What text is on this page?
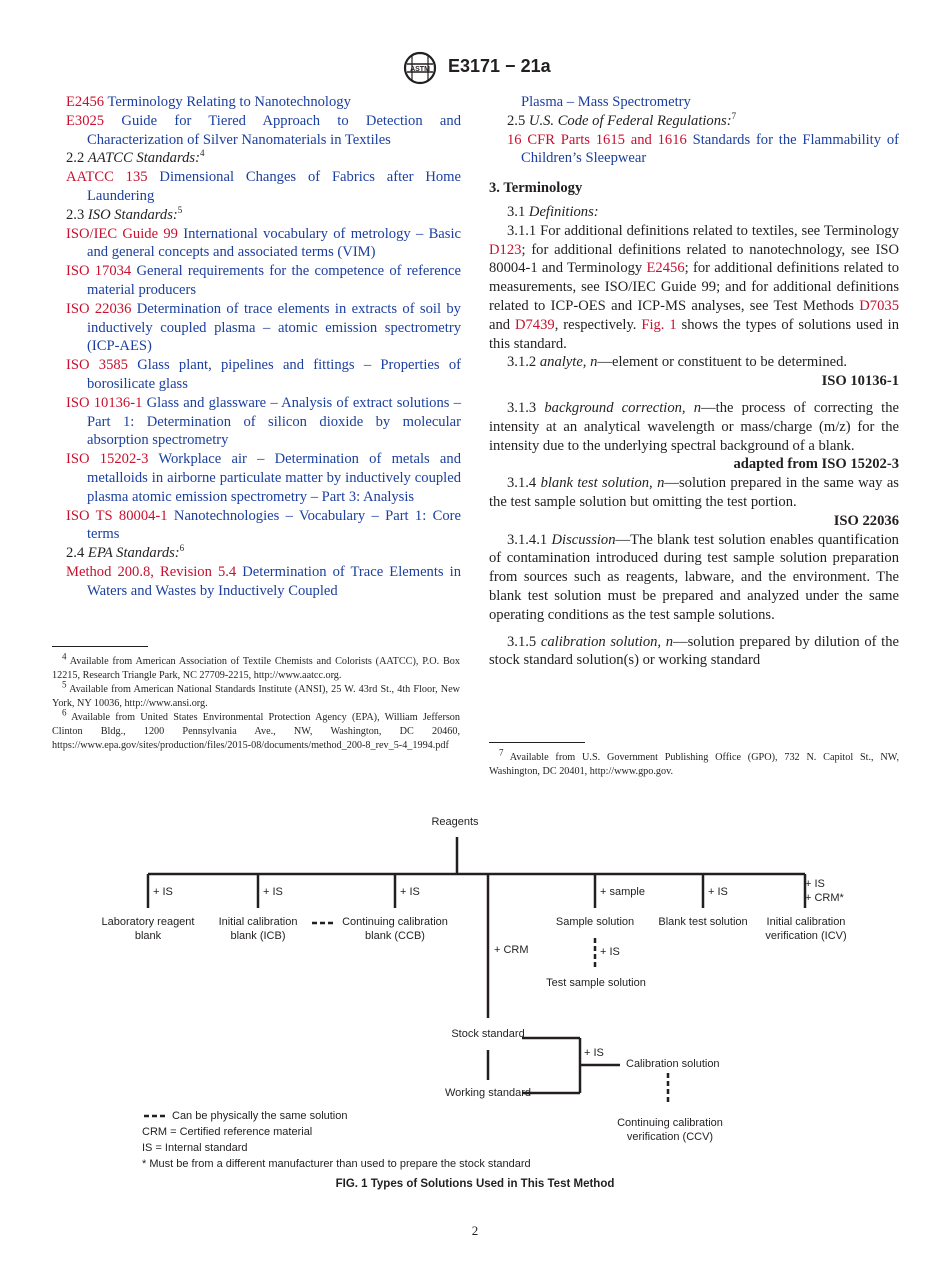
ASTM E3171 − 21a
E2456 Terminology Relating to Nanotechnology
E3025 Guide for Tiered Approach to Detection and Characterization of Silver Nanomaterials in Textiles
2.2 AATCC Standards:$^4$
AATCC 135 Dimensional Changes of Fabrics after Home Laundering
2.3 ISO Standards:$^5$
ISO/IEC Guide 99 International vocabulary of metrology – Basic and general concepts and associated terms (VIM)
ISO 17034 General requirements for the competence of reference material producers
ISO 22036 Determination of trace elements in extracts of soil by inductively coupled plasma – atomic emission spectrometry (ICP-AES)
ISO 3585 Glass plant, pipelines and fittings – Properties of borosilicate glass
ISO 10136-1 Glass and glassware – Analysis of extract solutions – Part 1: Determination of silicon dioxide by molecular absorption spectrometry
ISO 15202-3 Workplace air – Determination of metals and metalloids in airborne particulate matter by inductively coupled plasma atomic emission spectrometry – Part 3: Analysis
ISO TS 80004-1 Nanotechnologies – Vocabulary – Part 1: Core terms
2.4 EPA Standards:$^6$
Method 200.8, Revision 5.4 Determination of Trace Elements in Waters and Wastes by Inductively Coupled

$^4$ Available from American Association of Textile Chemists and Colorists (AATCC), P.O. Box 12215, Research Triangle Park, NC 27709-2215, http://www.aatcc.org.

$^5$ Available from American National Standards Institute (ANSI), 25 W. 43rd St., 4th Floor, New York, NY 10036, http://www.ansi.org.

$^6$ Available from United States Environmental Protection Agency (EPA), William Jefferson Clinton Bldg., 1200 Pennsylvania Ave., NW, Washington, DC 20460, https://www.epa.gov/sites/production/files/2015-08/documents/method_200-8_rev_5-4_1994.pdf

Plasma – Mass Spectrometry
2.5 U.S. Code of Federal Regulations:$^7$
16 CFR Parts 1615 and 1616 Standards for the Flammability of Children’s Sleepwear
3. Terminology

3.1 Definitions:

3.1.1 For additional definitions related to textiles, see Terminology D123; for additional definitions related to nanotechnology, see ISO 80004-1 and Terminology E2456; for additional definitions related to measurements, see ISO/IEC Guide 99; and for additional definitions related to ICP-OES and ICP-MS analyses, see Test Methods D7035 and D7439, respectively. Fig. 1 shows the types of solutions used in this standard.

3.1.2 analyte, n—element or constituent to be determined.

ISO 10136-1

3.1.3 background correction, n—the process of correcting the intensity at an analytical wavelength or mass/charge (m/z) for the intensity due to the underlying spectral background of a blank.
adapted from ISO 15202-3

3.1.4 blank test solution, n—solution prepared in the same way as the test sample solution but omitting the test portion.

ISO 22036

3.1.4.1 Discussion—The blank test solution enables quantification of contamination introduced during test sample solution preparation from sources such as reagents, labware, and the environment. The blank test solution must be prepared and analyzed under the same operating conditions as the test sample solutions.

3.1.5 calibration solution, n—solution prepared by dilution of the stock standard solution(s) or working standard

$^7$ Available from U.S. Government Publishing Office (GPO), 732 N. Capitol St., NW, Washington, DC 20401, http://www.gpo.gov.

Reagents
+ IS	+ IS	+ IS	+ sample	+ IS
+ IS
+ CRM*
+ CRM	+ IS
+ IS
Laboratory reagent
blank
Initial calibration
blank (ICB)
Continuing calibration
blank (CCB)
Sample solution Blank test solution Initial calibration
verification (ICV)
Test sample solution
Stock standard
Working standard
Calibration solution
Continuing calibration
verification (CCV)
Can be physically the same solution
CRM = Certified reference material
IS = Internal standard
* Must be from a different manufacturer than used to prepare the stock standard
FIG. 1 Types of Solutions Used in This Test Method
2
